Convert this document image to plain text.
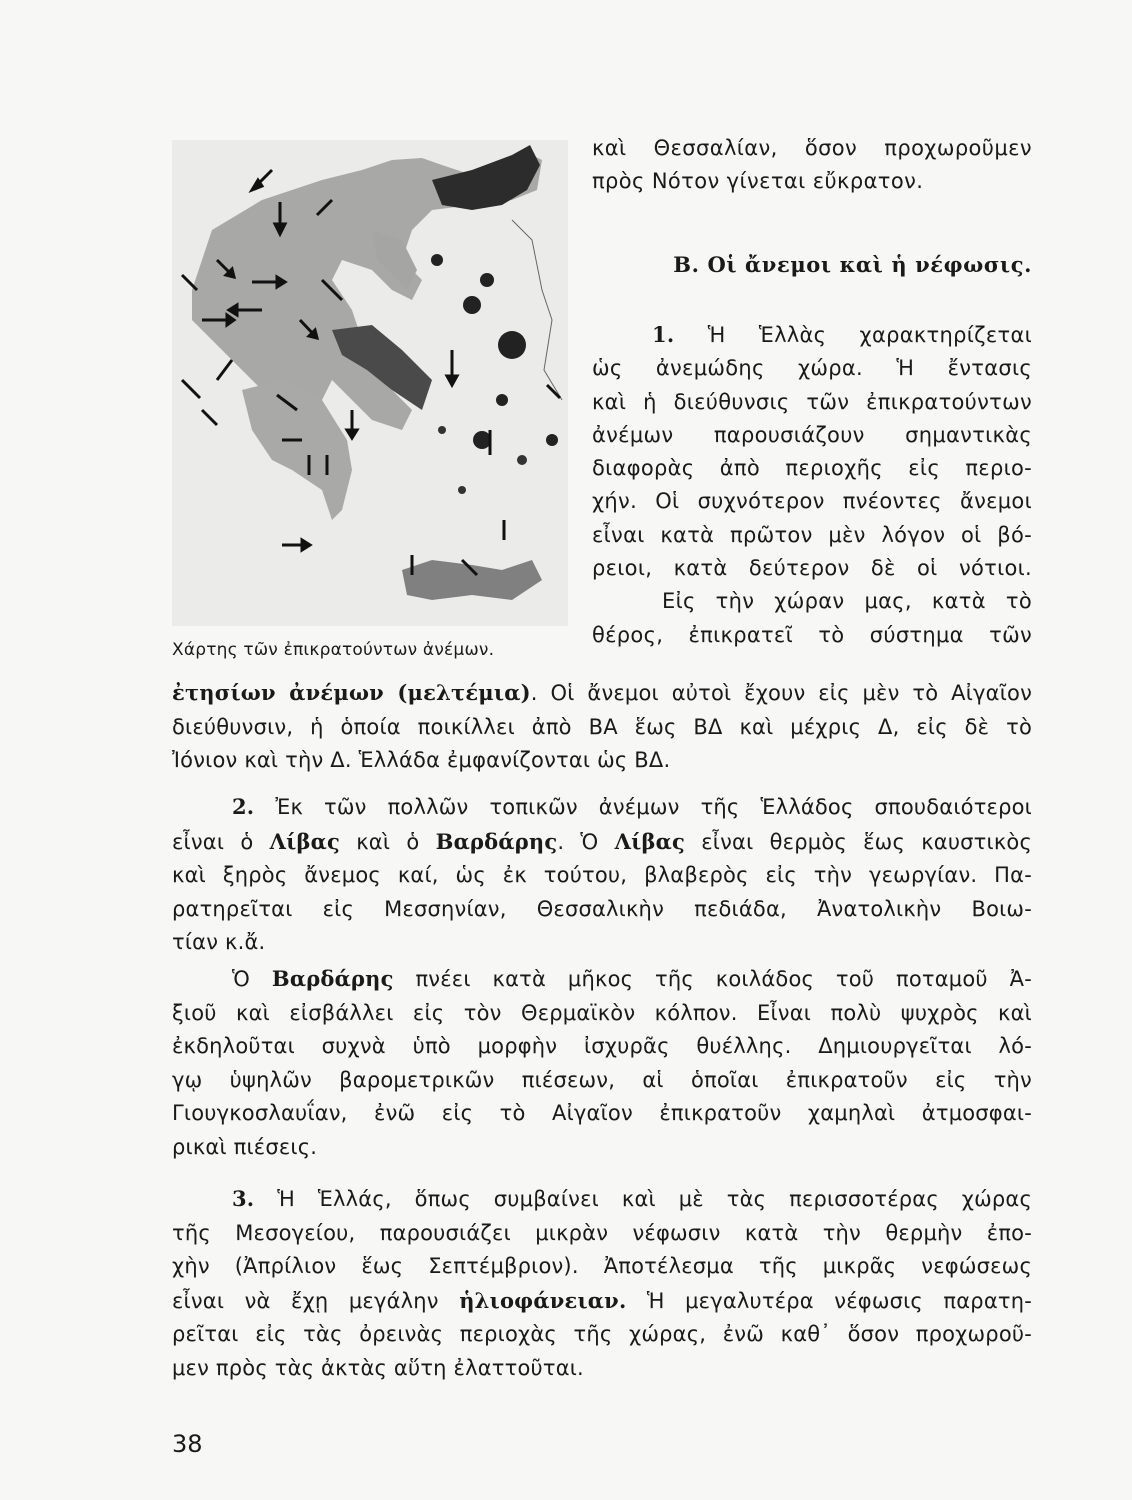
Χάρτης τῶν ἐπικρατούντων ἀνέμων.
καὶ Θεσσαλίαν, ὅσον προχωροῦμεν
πρὸς Νότον γίνεται εὔκρατον.
Β. Οἱ ἄνεμοι καὶ ἡ νέφωσις.
1. Ἡ Ἑλλὰς χαρακτηρίζεται
ὡς ἀνεμώδης χώρα. Ἡ ἔντασις
καὶ ἡ διεύθυνσις τῶν ἐπικρατούντων
ἀνέμων παρουσιάζουν σημαντικὰς
διαφορὰς ἀπὸ περιοχῆς εἰς περιο-
χήν. Οἱ συχνότερον πνέοντες ἄνεμοι
εἶναι κατὰ πρῶτον μὲν λόγον οἱ βό-
ρειοι, κατὰ δεύτερον δὲ οἱ νότιοι.
Εἰς τὴν χώραν μας, κατὰ τὸ
θέρος, ἐπικρατεῖ τὸ σύστημα τῶν
ἐτησίων ἀνέμων (μελτέμια). Οἱ ἄνεμοι αὐτοὶ ἔχουν εἰς μὲν τὸ Αἰγαῖον
διεύθυνσιν, ἡ ὁποία ποικίλλει ἀπὸ ΒΑ ἕως ΒΔ καὶ μέχρις Δ, εἰς δὲ τὸ
Ἰόνιον καὶ τὴν Δ. Ἑλλάδα ἐμφανίζονται ὡς ΒΔ.
2. Ἐκ τῶν πολλῶν τοπικῶν ἀνέμων τῆς Ἑλλάδος σπουδαιότεροι
εἶναι ὁ Λίβας καὶ ὁ Βαρδάρης. Ὁ Λίβας εἶναι θερμὸς ἕως καυστικὸς
καὶ ξηρὸς ἄνεμος καί, ὡς ἐκ τούτου, βλαβερὸς εἰς τὴν γεωργίαν. Πα-
ρατηρεῖται εἰς Μεσσηνίαν, Θεσσαλικὴν πεδιάδα, Ἀνατολικὴν Βοιω-
τίαν κ.ἄ.
Ὁ Βαρδάρης πνέει κατὰ μῆκος τῆς κοιλάδος τοῦ ποταμοῦ Ἀ-
ξιοῦ καὶ εἰσβάλλει εἰς τὸν Θερμαϊκὸν κόλπον. Εἶναι πολὺ ψυχρὸς καὶ
ἐκδηλοῦται συχνὰ ὑπὸ μορφὴν ἰσχυρᾶς θυέλλης. Δημιουργεῖται λό-
γῳ ὑψηλῶν βαρομετρικῶν πιέσεων, αἱ ὁποῖαι ἐπικρατοῦν εἰς τὴν
Γιουγκοσλαυΐαν, ἐνῶ εἰς τὸ Αἰγαῖον ἐπικρατοῦν χαμηλαὶ ἀτμοσφαι-
ρικαὶ πιέσεις.
3. Ἡ Ἑλλάς, ὅπως συμβαίνει καὶ μὲ τὰς περισσοτέρας χώρας
τῆς Μεσογείου, παρουσιάζει μικρὰν νέφωσιν κατὰ τὴν θερμὴν ἐπο-
χὴν (Ἀπρίλιον ἕως Σεπτέμβριον). Ἀποτέλεσμα τῆς μικρᾶς νεφώσεως
εἶναι νὰ ἔχῃ μεγάλην ἡλιοφάνειαν. Ἡ μεγαλυτέρα νέφωσις παρατη-
ρεῖται εἰς τὰς ὀρεινὰς περιοχὰς τῆς χώρας, ἐνῶ καθ᾿ ὅσον προχωροῦ-
μεν πρὸς τὰς ἀκτὰς αὕτη ἐλαττοῦται.
38
